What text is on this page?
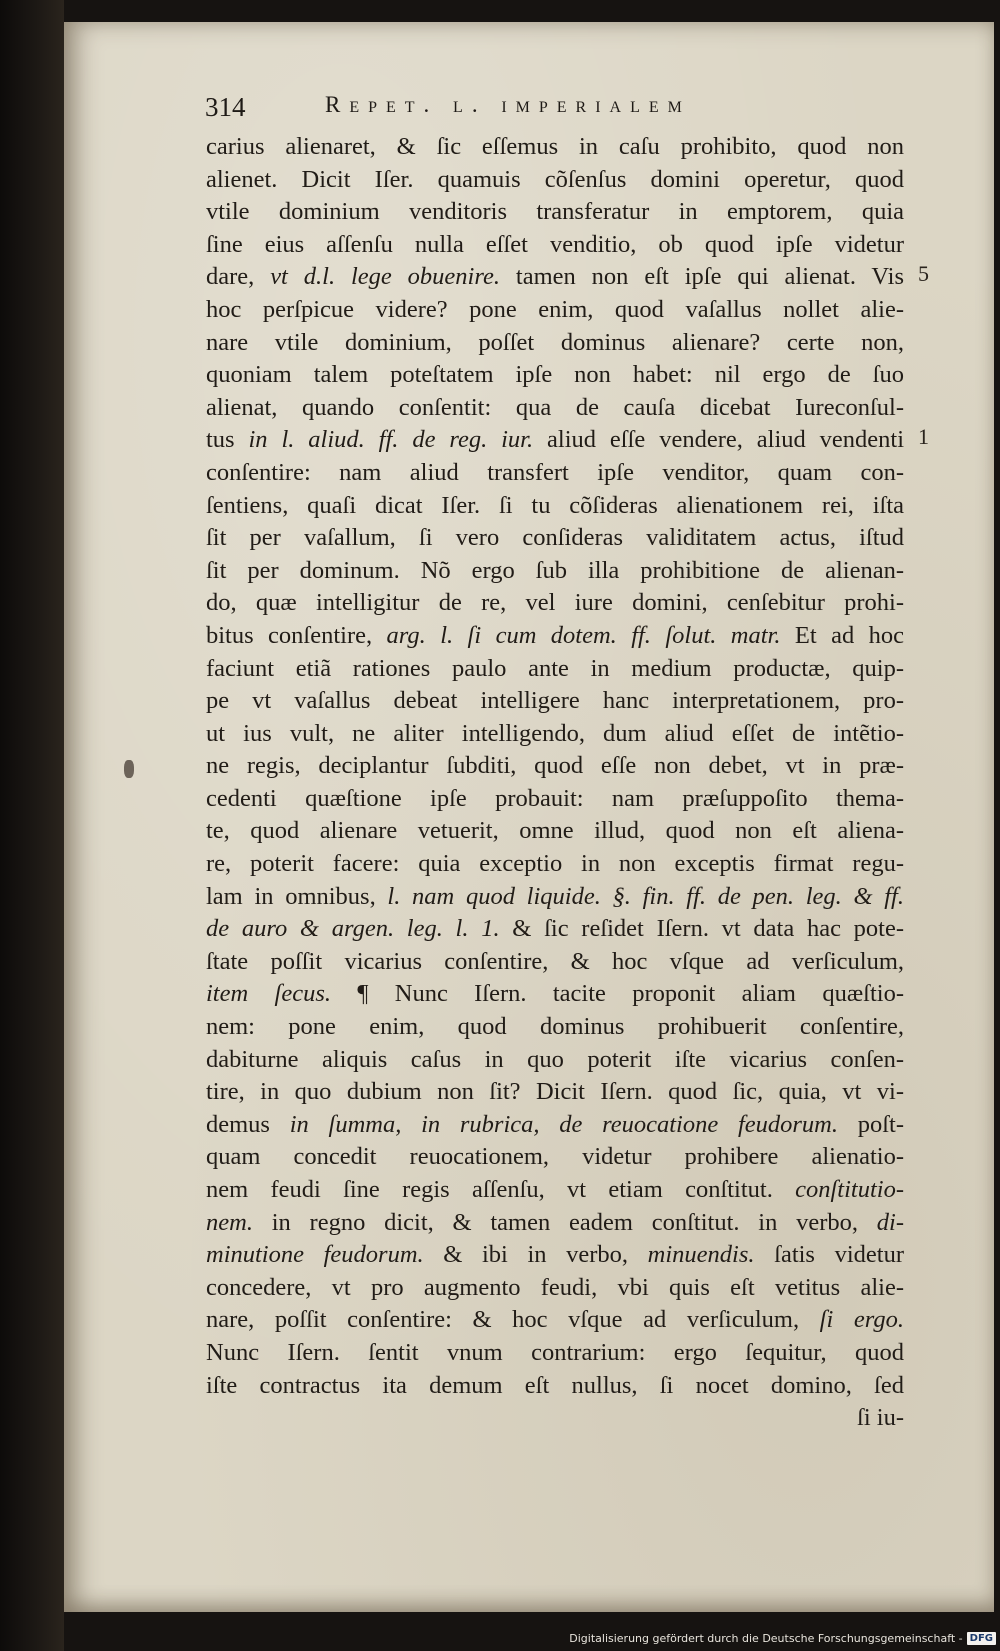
314	Repet. l. imperialem
carius alienaret, & ſic eſſemus in caſu prohibito, quod non
alienet. Dicit Iſer. quamuis cõſenſus domini operetur, quod
vtile dominium venditoris transferatur in emptorem, quia
ſine eius aſſenſu nulla eſſet venditio, ob quod ipſe videtur
dare, vt d.l. lege obuenire. tamen non eſt ipſe qui alienat. Vis
hoc perſpicue videre? pone enim, quod vaſallus nollet alie-
nare vtile dominium, poſſet dominus alienare? certe non,
quoniam talem poteſtatem ipſe non habet: nil ergo de ſuo
alienat, quando conſentit: qua de cauſa dicebat Iureconſul-
tus in l. aliud. ff. de reg. iur. aliud eſſe vendere, aliud vendenti
conſentire: nam aliud transfert ipſe venditor, quam con-
ſentiens, quaſi dicat Iſer. ſi tu cõſideras alienationem rei, iſta
ſit per vaſallum, ſi vero conſideras validitatem actus, iſtud
ſit per dominum. Nõ ergo ſub illa prohibitione de alienan-
do, quæ intelligitur de re, vel iure domini, cenſebitur prohi-
bitus conſentire, arg. l. ſi cum dotem. ff. ſolut. matr. Et ad hoc
faciunt etiã rationes paulo ante in medium productæ, quip-
pe vt vaſallus debeat intelligere hanc interpretationem, pro-
ut ius vult, ne aliter intelligendo, dum aliud eſſet de intẽtio-
ne regis, deciplantur ſubditi, quod eſſe non debet, vt in præ-
cedenti quæſtione ipſe probauit: nam præſuppoſito thema-
te, quod alienare vetuerit, omne illud, quod non eſt aliena-
re, poterit facere: quia exceptio in non exceptis firmat regu-
lam in omnibus, l. nam quod liquide. §. fin. ff. de pen. leg. & ff.
de auro & argen. leg. l. 1. & ſic reſidet Iſern. vt data hac pote-
ſtate poſſit vicarius conſentire, & hoc vſque ad verſiculum,
item ſecus. ¶ Nunc Iſern. tacite proponit aliam quæſtio-
nem: pone enim, quod dominus prohibuerit conſentire,
dabiturne aliquis caſus in quo poterit iſte vicarius conſen-
tire, in quo dubium non ſit? Dicit Iſern. quod ſic, quia, vt vi-
demus in ſumma, in rubrica, de reuocatione feudorum. poſt-
quam concedit reuocationem, videtur prohibere alienatio-
nem feudi ſine regis aſſenſu, vt etiam conſtitut. conſtitutio-
nem. in regno dicit, & tamen eadem conſtitut. in verbo, di-
minutione feudorum. & ibi in verbo, minuendis. ſatis videtur
concedere, vt pro augmento feudi, vbi quis eſt vetitus alie-
nare, poſſit conſentire: & hoc vſque ad verſiculum, ſi ergo.
Nunc Iſern. ſentit vnum contrarium: ergo ſequitur, quod
iſte contractus ita demum eſt nullus, ſi nocet domino, ſed
ſi iu-
5
1
Digitalisierung gefördert durch die Deutsche Forschungsgemeinschaft - DFG
